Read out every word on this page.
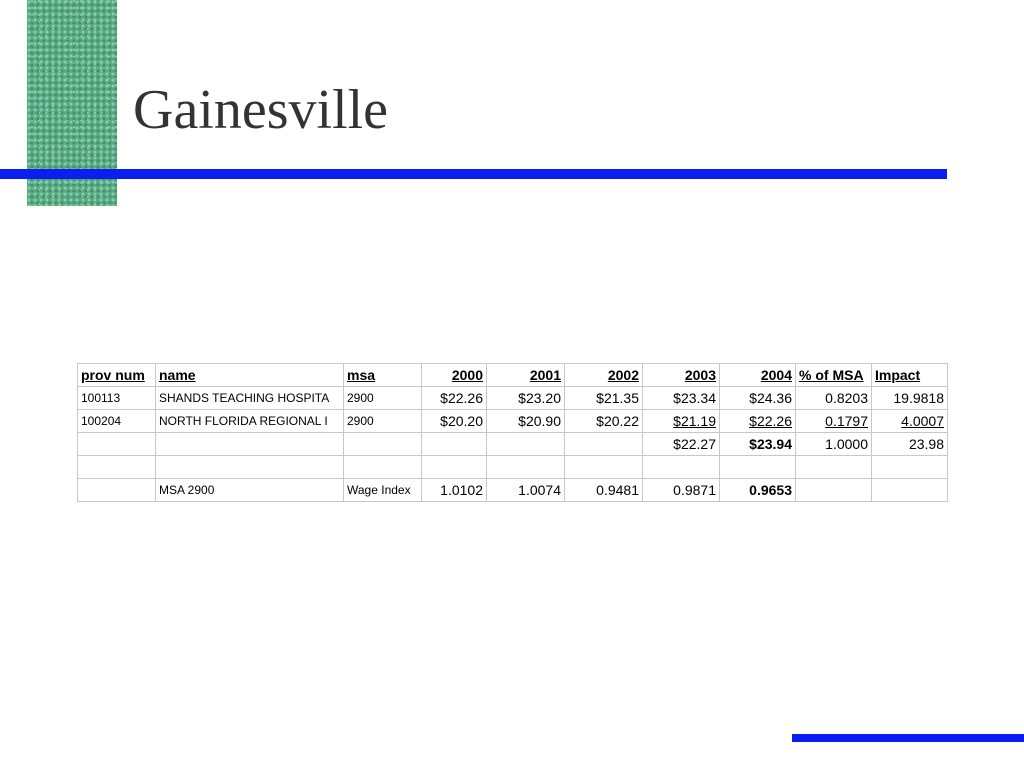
Gainesville
prov num	name	msa	2000	2001	2002	2003	2004	% of MSA	Impact
100113	SHANDS TEACHING HOSPITA	2900	$22.26	$23.20	$21.35	$23.34	$24.36	0.8203	19.9818
100204	NORTH FLORIDA REGIONAL I	2900	$20.20	$20.90	$20.22	$21.19	$22.26	0.1797	4.0007
						$22.27	$23.94	1.0000	23.98

	MSA 2900	Wage Index	1.0102	1.0074	0.9481	0.9871	0.9653		
